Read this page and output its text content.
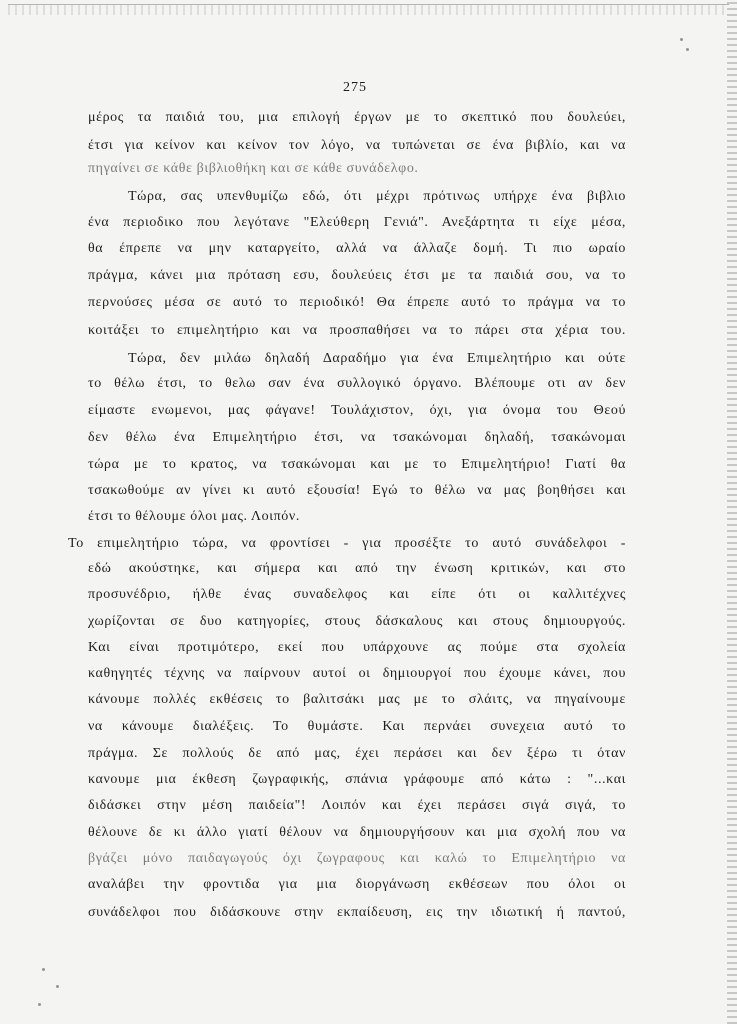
275
μέρος τα παιδιά του, μια επιλογή έργων με το σκεπτικό που δουλεύει,
έτσι για κείνον και κείνον τον λόγο, να τυπώνεται σε ένα βιβλίο, και να
πηγαίνει σε κάθε βιβλιοθήκη και σε κάθε συνάδελφο.
Τώρα, σας υπενθυμίζω εδώ, ότι μέχρι πρότινως υπήρχε ένα βιβλιο
ένα περιοδικο που λεγότανε "Ελεύθερη Γενιά". Ανεξάρτητα τι είχε μέσα,
θα έπρεπε να μην καταργείτο, αλλά να άλλαζε δομή. Τι πιο ωραίο
πράγμα, κάνει μια πρόταση εσυ, δουλεύεις έτσι με τα παιδιά σου, να το
περνούσες μέσα σε αυτό το περιοδικό! Θα έπρεπε αυτό το πράγμα να το
κοιτάξει το επιμελητήριο και να προσπαθήσει να το πάρει στα χέρια του.
Τώρα, δεν μιλάω δηλαδή Δαραδήμο για ένα Επιμελητήριο και ούτε
το θέλω έτσι, το θελω σαν ένα συλλογικό όργανο. Βλέπουμε οτι αν δεν
είμαστε ενωμενοι, μας φάγανε! Τουλάχιστον, όχι, για όνομα του Θεού
δεν θέλω ένα Επιμελητήριο έτσι, να τσακώνομαι δηλαδή, τσακώνομαι
τώρα με το κρατος, να τσακώνομαι και με το Επιμελητήριο! Γιατί θα
τσακωθούμε αν γίνει κι αυτό εξουσία! Εγώ το θέλω να μας βοηθήσει και
έτσι το θέλουμε όλοι μας. Λοιπόν.
Το επιμελητήριο τώρα, να φροντίσει - για προσέξτε το αυτό συνάδελφοι -
εδώ ακούστηκε, και σήμερα και από την ένωση κριτικών, και στο
προσυνέδριο, ήλθε ένας συναδελφος και είπε ότι οι καλλιτέχνες
χωρίζονται σε δυο κατηγορίες, στους δάσκαλους και στους δημιουργούς.
Και είναι προτιμότερο, εκεί που υπάρχουνε ας πούμε στα σχολεία
καθηγητές τέχνης να παίρνουν αυτοί οι δημιουργοί που έχουμε κάνει, που
κάνουμε πολλές εκθέσεις το βαλιτσάκι μας με το σλάιτς, να πηγαίνουμε
να κάνουμε διαλέξεις. Το θυμάστε. Και περνάει συνεχεια αυτό το
πράγμα. Σε πολλούς δε από μας, έχει περάσει και δεν ξέρω τι όταν
κανουμε μια έκθεση ζωγραφικής, σπάνια γράφουμε από κάτω : "...και
διδάσκει στην μέση παιδεία"! Λοιπόν και έχει περάσει σιγά σιγά, το
θέλουνε δε κι άλλο γιατί θέλουν να δημιουργήσουν και μια σχολή που να
βγάζει μόνο παιδαγωγούς όχι ζωγραφους και καλώ το Επιμελητήριο να
αναλάβει την φροντιδα για μια διοργάνωση εκθέσεων που όλοι οι
συνάδελφοι που διδάσκουνε στην εκπαίδευση, εις την ιδιωτική ή παντού,
